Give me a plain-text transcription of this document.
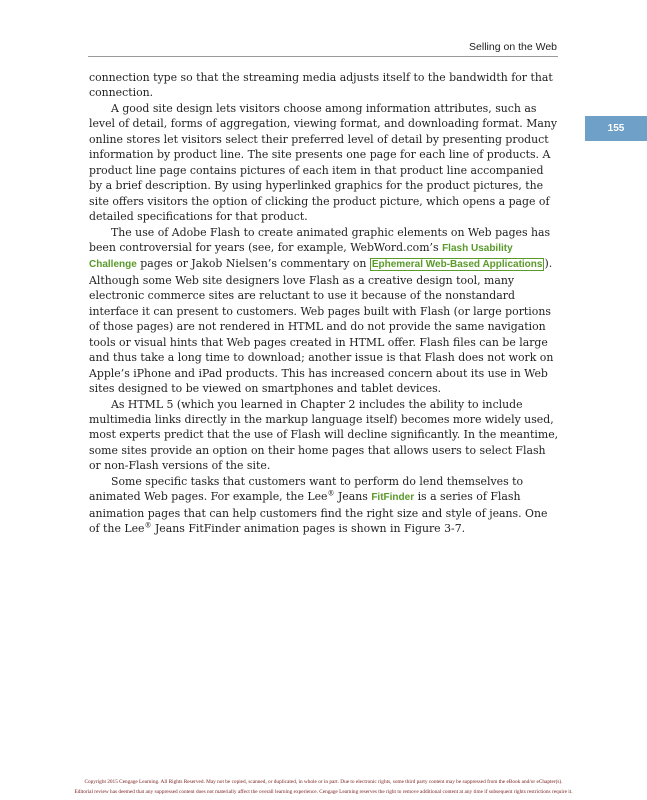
Selling on the Web
155

connection type so that the streaming media adjusts itself to the bandwidth for that connection.

A good site design lets visitors choose among information attributes, such as level of detail, forms of aggregation, viewing format, and downloading format. Many online stores let visitors select their preferred level of detail by presenting product information by product line. The site presents one page for each line of products. A product line page contains pictures of each item in that product line accompanied by a brief description. By using hyperlinked graphics for the product pictures, the site offers visitors the option of clicking the product picture, which opens a page of detailed specifications for that product.

The use of Adobe Flash to create animated graphic elements on Web pages has been controversial for years (see, for example, WebWord.com’s Flash Usability Challenge pages or Jakob Nielsen’s commentary on Ephemeral Web-Based Applications ). Although some Web site designers love Flash as a creative design tool, many electronic commerce sites are reluctant to use it because of the nonstandard interface it can present to customers. Web pages built with Flash (or large portions of those pages) are not rendered in HTML and do not provide the same navigation tools or visual hints that Web pages created in HTML offer. Flash files can be large and thus take a long time to download; another issue is that Flash does not work on Apple’s iPhone and iPad products. This has increased concern about its use in Web sites designed to be viewed on smartphones and tablet devices.

As HTML 5 (which you learned in Chapter 2 includes the ability to include multimedia links directly in the markup language itself) becomes more widely used, most experts predict that the use of Flash will decline significantly. In the meantime, some sites provide an option on their home pages that allows users to select Flash or non-Flash versions of the site.

Some specific tasks that customers want to perform do lend themselves to animated Web pages. For example, the Lee® Jeans FitFinder is a series of Flash animation pages that can help customers find the right size and style of jeans. One of the Lee® Jeans FitFinder animation pages is shown in Figure 3-7.

Copyright 2015 Cengage Learning. All Rights Reserved. May not be copied, scanned, or duplicated, in whole or in part. Due to electronic rights, some third party content may be suppressed from the eBook and/or eChapter(s).
Editorial review has deemed that any suppressed content does not materially affect the overall learning experience. Cengage Learning reserves the right to remove additional content at any time if subsequent rights restrictions require it.
